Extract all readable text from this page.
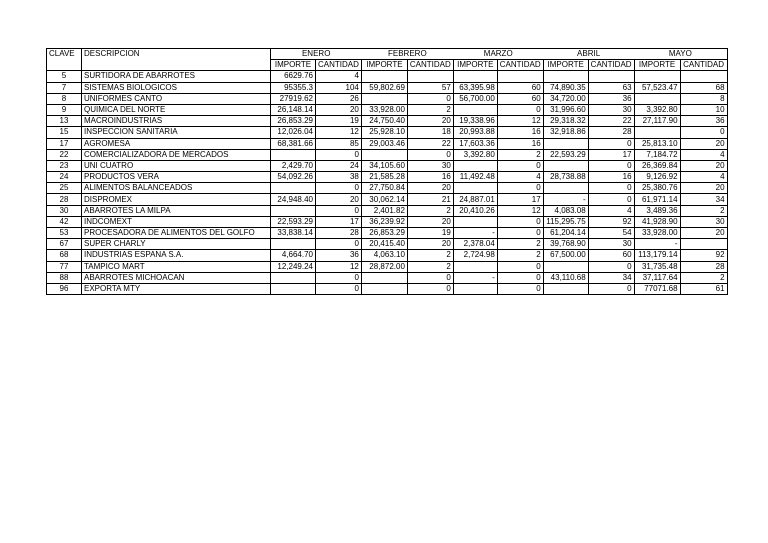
CLAVE	DESCRIPCION	ENERO		FEBRERO		MARZO		ABRIL		MAYO	
		IMPORTE	CANTIDAD	IMPORTE	CANTIDAD	IMPORTE	CANTIDAD	IMPORTE	CANTIDAD	IMPORTE	CANTIDAD
5	SURTIDORA DE ABARROTES	6629.76	4								
7	SISTEMAS BIOLOGICOS	95355.3	104	59,802.69	57	63,395.98	60	74,890.35	63	57,523.47	68
8	UNIFORMES CANTO	27919.62	26		0	56,700.00	60	34,720.00	36		8
9	QUIMICA DEL NORTE	26,148.14	20	33,928.00	2		0	31,996.60	30	3,392.80	10
13	MACROINDUSTRIAS	26,853.29	19	24,750.40	20	19,338.96	12	29,318.32	22	27,117.90	36
15	INSPECCION SANITARIA	12,026.04	12	25,928.10	18	20,993.88	16	32,918.86	28		0
17	AGROMESA	68,381.66	85	29,003.46	22	17,603.36	16		0	25,813.10	20
22	COMERCIALIZADORA DE MERCADOS		0		0	3,392.80	2	22,593.29	17	7,184.72	4
23	UNI CUATRO	2,429.70	24	34,105.60	30		0		0	26,369.84	20
24	PRODUCTOS VERA	54,092.26	38	21,585.28	16	11,492.48	4	28,738.88	16	9,126.92	4
25	ALIMENTOS BALANCEADOS		0	27,750.84	20		0		0	25,380.76	20
28	DISPROMEX	24,948.40	20	30,062.14	21	24,887.01	17	-	0	61,971.14	34
30	ABARROTES LA MILPA		0	2,401.82	2	20,410.26	12	4,083.08	4	3,489.36	2
42	INDCOMEXT	22,593.29	17	36,239.92	20		0	115,295.75	92	41,928.90	30
53	PROCESADORA DE ALIMENTOS DEL GOLFO	33,838.14	28	26,853.29	19	-	0	61,204.14	54	33,928.00	20
67	SUPER CHARLY		0	20,415.40	20	2,378.04	2	39,768.90	30	-	
68	INDUSTRIAS ESPANA S.A.	4,664.70	36	4,063.10	2	2,724.98	2	67,500.00	60	113,179.14	92
77	TAMPICO MART	12,249.24	12	28,872.00	2		0		0	31,735.48	28
88	ABARROTES MICHOACAN		0		0	-	0	43,110.68	34	37,117.64	2
96	EXPORTA MTY		0		0		0		0	77071.68	61
